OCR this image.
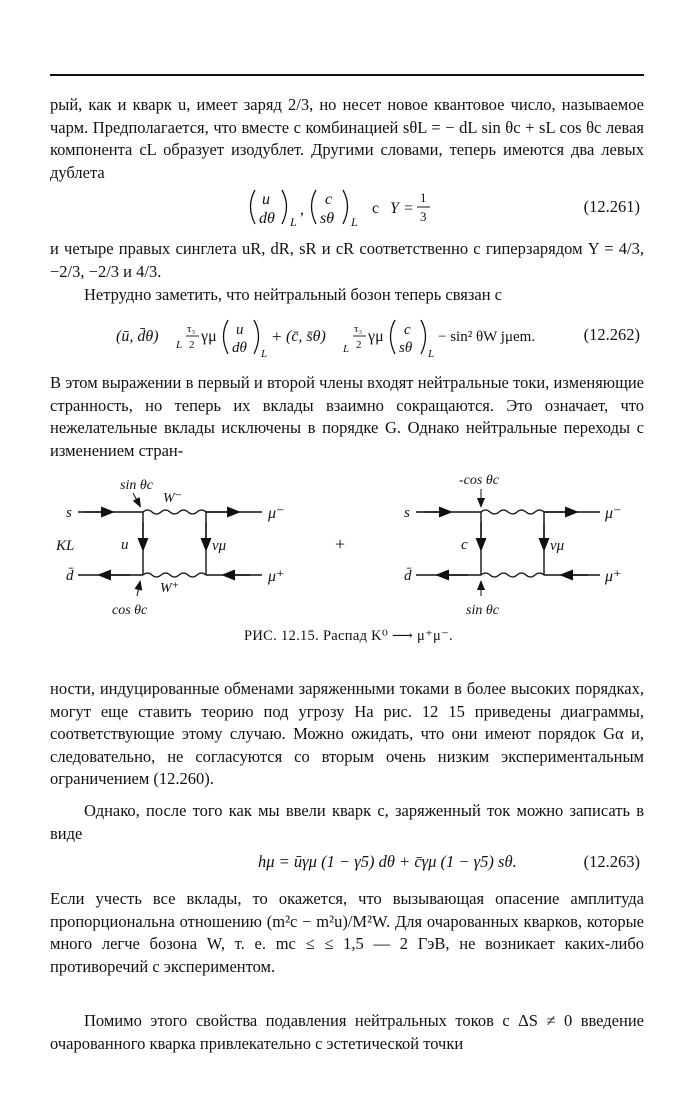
рый, как и кварк u, имеет заряд 2/3, но несет новое квантовое число, называемое чарм. Предполагается, что вместе с комбинацией sθL = − dL sin θc + sL cos θc левая компонента cL образует изодублет. Другими словами, теперь имеются два левых дублета

u
dθ L
,
c
sθ L
с Y =
1
3
(12.261)

и четыре правых синглета uR, dR, sR и cR соответственно с гиперзарядом Y = 4/3, −2/3, −2/3 и 4/3.

Нетрудно заметить, что нейтральный бозон теперь связан с

(ū, d̄θ) L
τ₃
2 γμ u
dθ L
+ (c̄, s̄θ)
L
τ₃
2 γμ c
sθ L
− sin² θW jμem.	(12.262)

В этом выражении в первый и второй члены входят нейтральные токи, изменяющие странность, но теперь их вклады взаимно сокращаются. Это означает, что нежелательные вклады исключены в порядке G. Однако нейтральные переходы с изменением стран-

sin θc
W⁻
s	μ⁻
u	νμ
KL
d̄
W⁺
μ⁺
cos θc
+
-cos θc
s	μ⁻
c	νμ
d̄	μ⁺
sin θc
РИС. 12.15. Распад K⁰ ⟶ μ⁺μ⁻.

ности, индуцированные обменами заряженными токами в более высоких порядках, могут еще ставить теорию под угрозу На рис. 12 15 приведены диаграммы, соответствующие этому случаю. Можно ожидать, что они имеют порядок Gα и, следовательно, не согласуются со вторым очень низким экспериментальным ограничением (12.260).

Однако, после того как мы ввели кварк c, заряженный ток можно записать в виде

hμ = ūγμ (1 − γ5) dθ + c̄γμ (1 − γ5) sθ.	(12.263)

Если учесть все вклады, то окажется, что вызывающая опасение амплитуда пропорциональна отношению (m²c − m²u)/M²W. Для очарованных кварков, которые много легче бозона W, т. е. mc ≤ ≤ 1,5 — 2 ГэВ, не возникает каких-либо противоречий с экспериментом.

Помимо этого свойства подавления нейтральных токов с ΔS ≠ 0 введение очарованного кварка привлекательно с эстетической точки
